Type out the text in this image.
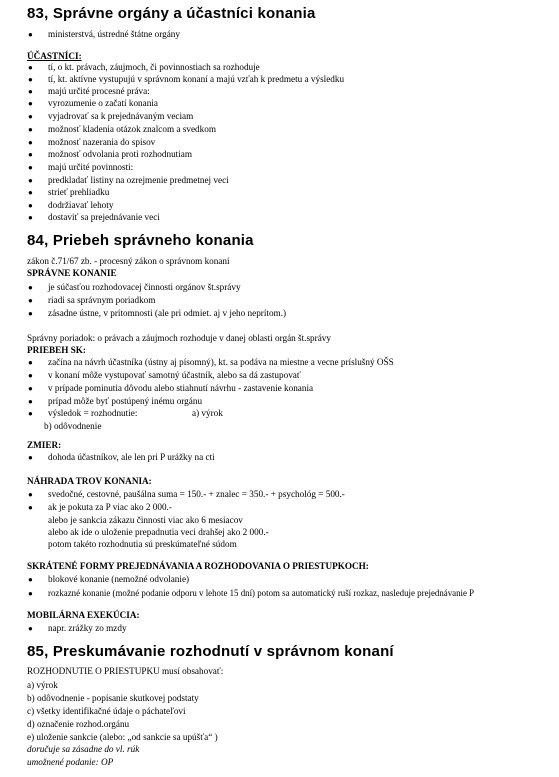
83, Správne orgány a účastníci konania
● ministerstvá, ústredné štátne orgány
ÚČASTNÍCI:
● tí, o kt. právach, záujmoch, či povinnostiach sa rozhoduje
● tí, kt. aktívne vystupujú v správnom konaní a majú vzťah k predmetu a výsledku
● majú určité procesné práva:
● vyrozumenie o začatí konania
● vyjadrovať sa k prejednávaným veciam
● možnosť kladenia otázok znalcom a svedkom
● možnosť nazerania do spisov
● možnosť odvolania proti rozhodnutiam
● majú určité povinnosti:
● predkladať listiny na ozrejmenie predmetnej veci
● strieť prehliadku
● dodržiavať lehoty
● dostaviť sa prejednávanie veci
84, Priebeh správneho konania
zákon č.71/67 zb. - procesný zákon o správnom konaní
SPRÁVNE KONANIE
● je súčasťou rozhodovacej činnosti orgánov št.správy
● riadi sa správnym poriadkom
● zásadne ústne, v prítomnosti (ale pri odmiet. aj v jeho neprítom.)
Správny poriadok: o právach a záujmoch rozhoduje v danej oblasti orgán št.správy
PRIEBEH SK:
● začína na návrh účastníka (ústny aj písomný), kt. sa podáva na miestne a vecne príslušný OŠS
● v konaní môže vystupovať samotný účastník, alebo sa dá zastupovať
● v prípade pominutia dôvodu alebo stiahnutí návrhu - zastavenie konania
● prípad môže byť postúpený inému orgánu
● výsledok = rozhodnutie:	a) výrok
b) odôvodnenie
ZMIER:
● dohoda účastníkov, ale len pri P urážky na cti
NÁHRADA TROV KONANIA:
● svedočné, cestovné, paušálna suma = 150.- + znalec = 350.- + psychológ = 500.-
● ak je pokuta za P viac ako 2 000.-
alebo je sankcia zákazu činnosti viac ako 6 mesiacov
alebo ak ide o uloženie prepadnutia veci drahšej ako 2 000.-
potom takéto rozhodnutia sú preskúmateľné súdom
SKRÁTENÉ FORMY PREJEDNÁVANIA A ROZHODOVANIA O PRIESTUPKOCH:
● blokové konanie (nemožné odvolanie)
● rozkazné konanie (možné podanie odporu v lehote 15 dní) potom sa automatický ruší rozkaz, nasleduje prejednávanie P
MOBILÁRNA EXEKÚCIA:
● napr. zrážky zo mzdy
85, Preskumávanie rozhodnutí v správnom konaní
ROZHODNUTIE O PRIESTUPKU musí obsahovať:
a) výrok
b) odôvodnenie - popísanie skutkovej podstaty
c) všetky identifikačné údaje o páchateľovi
d) označenie rozhod.orgánu
e) uloženie sankcie (alebo: „od sankcie sa upúšťa“ )
doručuje sa zásadne do vl. rúk
umožnené podanie: OP
